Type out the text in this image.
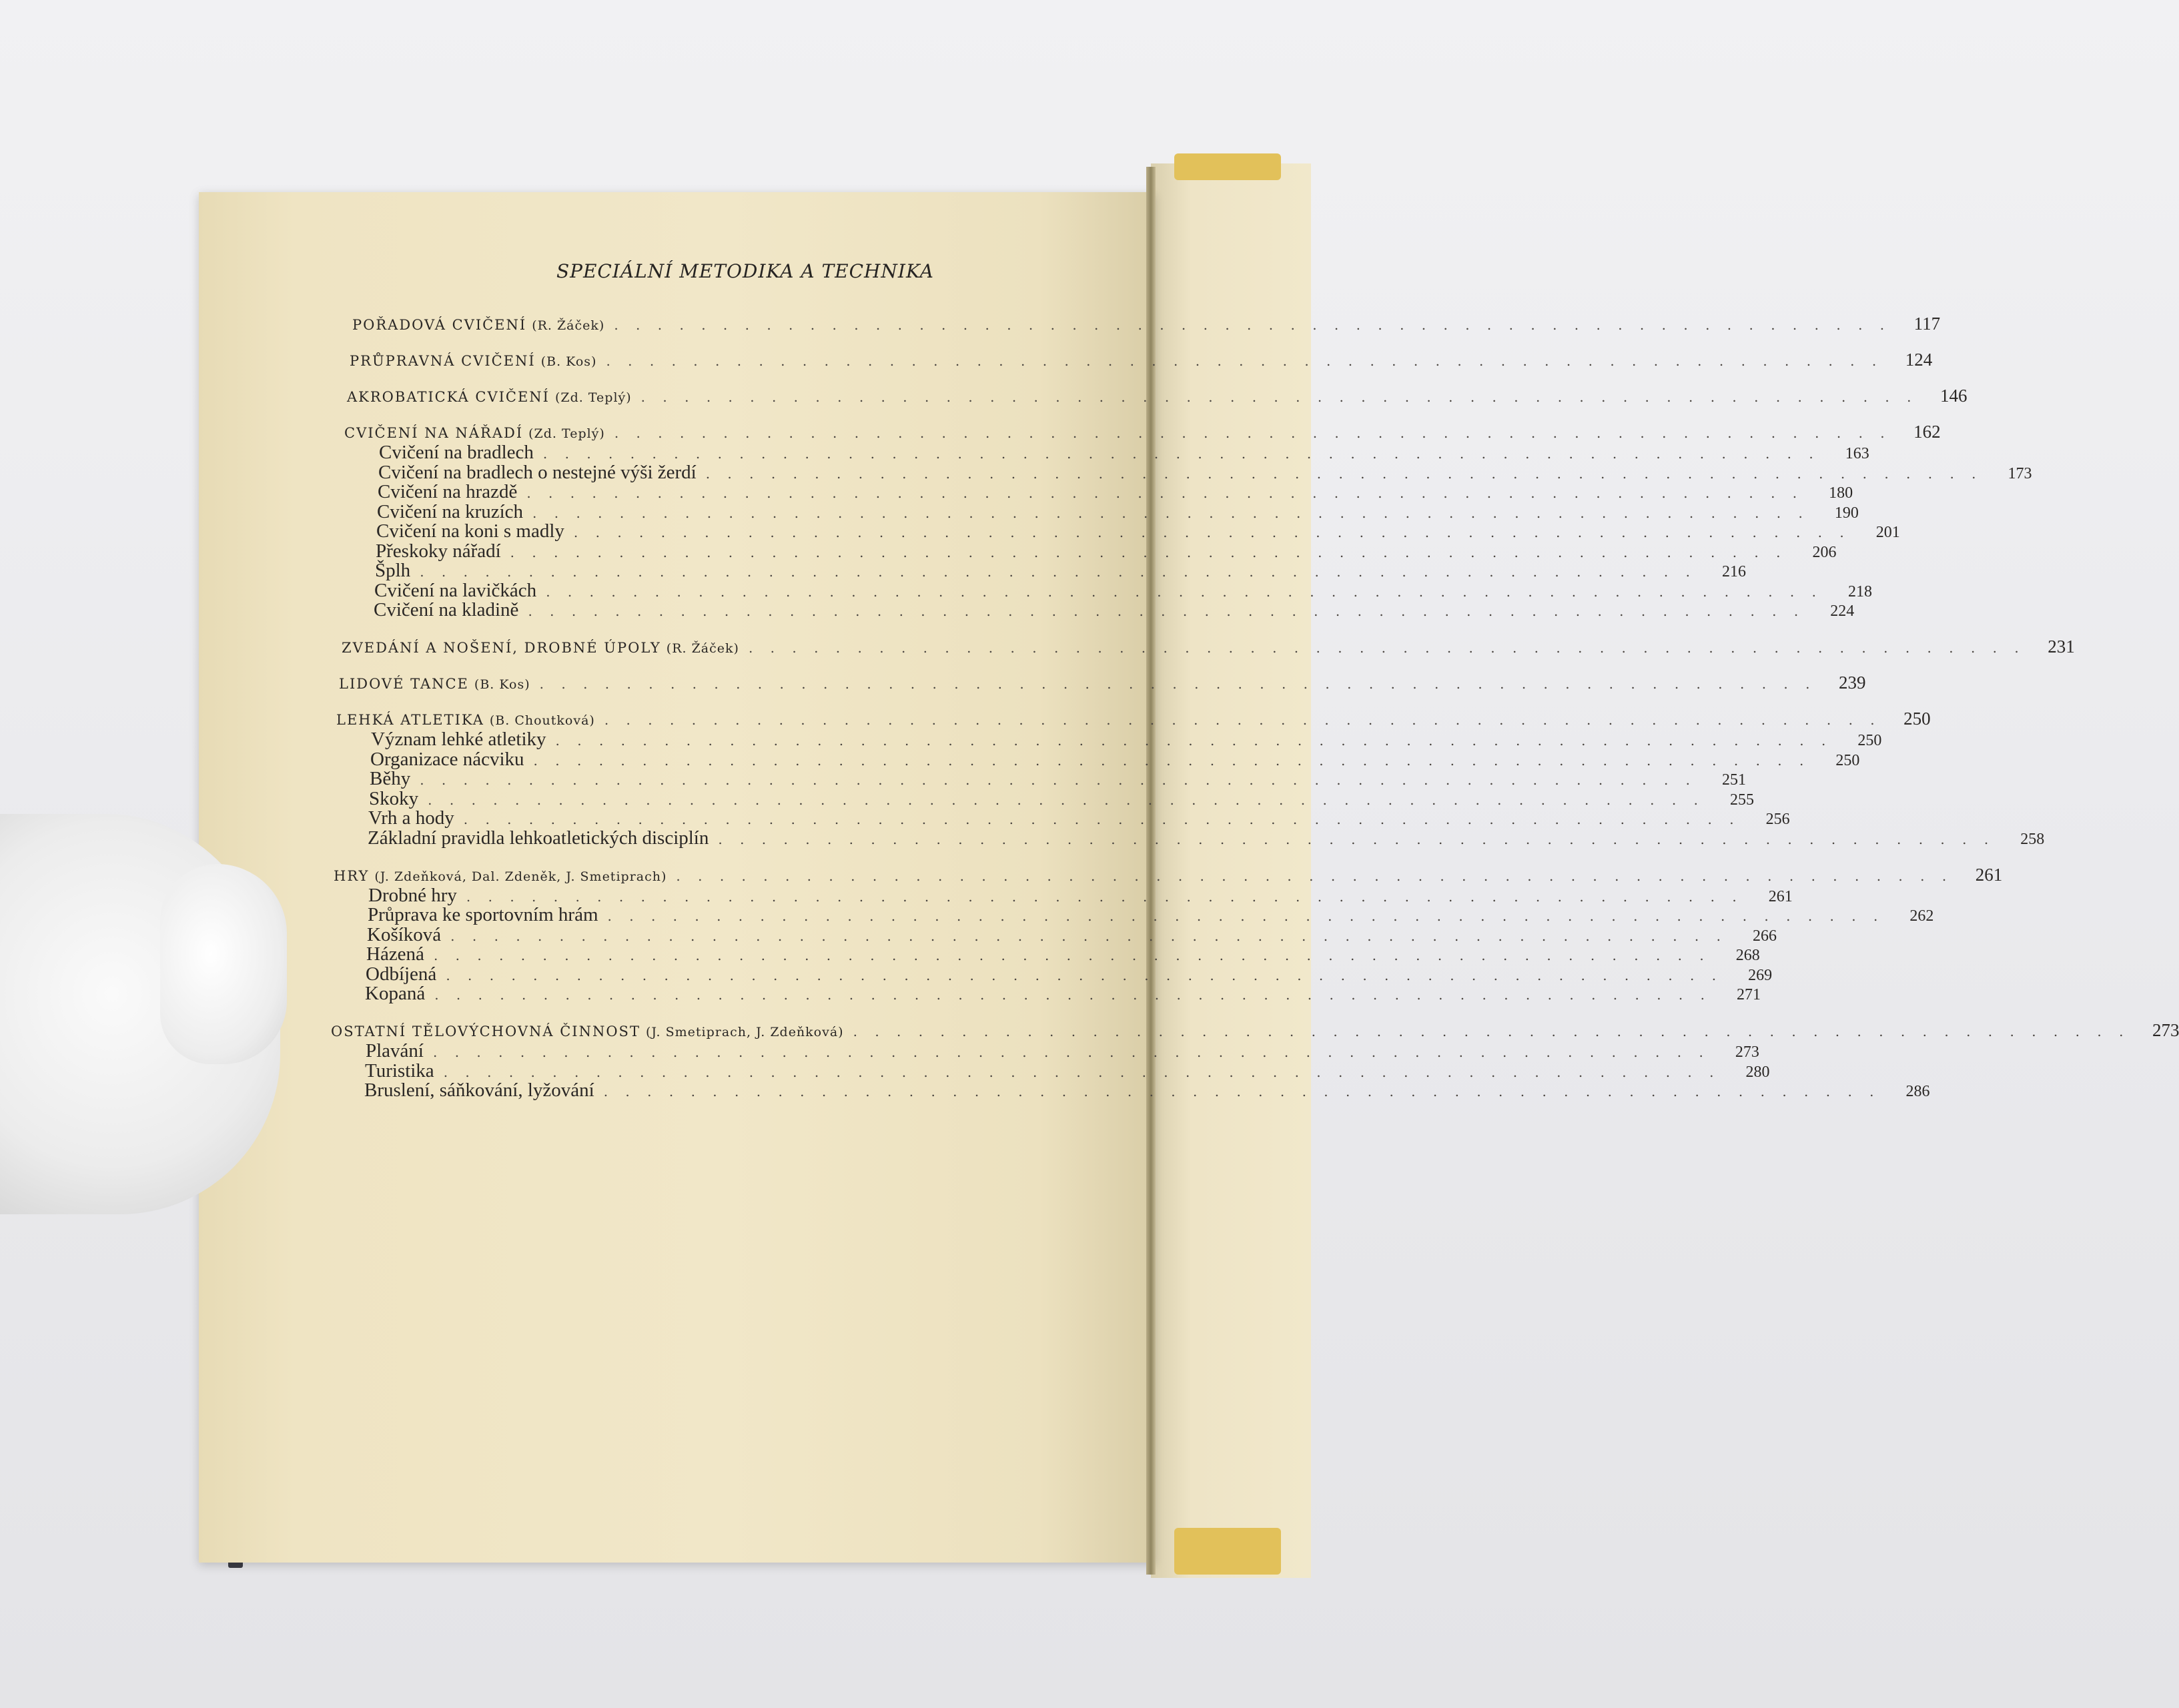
SPECIÁLNÍ METODIKA A TECHNIKA
POŘADOVÁ CVIČENÍ (R. Žáček) . . . . . . . . . . . . . . . . . . . . . . . . . . . . . . . . . . . . . . . . . . . . . . . . . . . . . . . . . . .	117
PRŮPRAVNÁ CVIČENÍ (B. Kos) . . . . . . . . . . . . . . . . . . . . . . . . . . . . . . . . . . . . . . . . . . . . . . . . . . . . . . . . . . .	124
AKROBATICKÁ CVIČENÍ (Zd. Teplý) . . . . . . . . . . . . . . . . . . . . . . . . . . . . . . . . . . . . . . . . . . . . . . . . . . . . . . . . . . .	146
CVIČENÍ NA NÁŘADÍ (Zd. Teplý) . . . . . . . . . . . . . . . . . . . . . . . . . . . . . . . . . . . . . . . . . . . . . . . . . . . . . . . . . . .	162
Cvičení na bradlech . . . . . . . . . . . . . . . . . . . . . . . . . . . . . . . . . . . . . . . . . . . . . . . . . . . . . . . . . . .	163
Cvičení na bradlech o nestejné výši žerdí . . . . . . . . . . . . . . . . . . . . . . . . . . . . . . . . . . . . . . . . . . . . . . . . . . . . . . . . . . .	173
Cvičení na hrazdě . . . . . . . . . . . . . . . . . . . . . . . . . . . . . . . . . . . . . . . . . . . . . . . . . . . . . . . . . . .	180
Cvičení na kruzích . . . . . . . . . . . . . . . . . . . . . . . . . . . . . . . . . . . . . . . . . . . . . . . . . . . . . . . . . . .	190
Cvičení na koni s madly . . . . . . . . . . . . . . . . . . . . . . . . . . . . . . . . . . . . . . . . . . . . . . . . . . . . . . . . . . .	201
Přeskoky nářadí . . . . . . . . . . . . . . . . . . . . . . . . . . . . . . . . . . . . . . . . . . . . . . . . . . . . . . . . . . .	206
Šplh . . . . . . . . . . . . . . . . . . . . . . . . . . . . . . . . . . . . . . . . . . . . . . . . . . . . . . . . . . .	216
Cvičení na lavičkách . . . . . . . . . . . . . . . . . . . . . . . . . . . . . . . . . . . . . . . . . . . . . . . . . . . . . . . . . . .	218
Cvičení na kladině . . . . . . . . . . . . . . . . . . . . . . . . . . . . . . . . . . . . . . . . . . . . . . . . . . . . . . . . . . .	224
ZVEDÁNÍ A NOŠENÍ, DROBNÉ ÚPOLY (R. Žáček) . . . . . . . . . . . . . . . . . . . . . . . . . . . . . . . . . . . . . . . . . . . . . . . . . . . . . . . . . . .	231
LIDOVÉ TANCE (B. Kos) . . . . . . . . . . . . . . . . . . . . . . . . . . . . . . . . . . . . . . . . . . . . . . . . . . . . . . . . . . .	239
LEHKÁ ATLETIKA (B. Choutková) . . . . . . . . . . . . . . . . . . . . . . . . . . . . . . . . . . . . . . . . . . . . . . . . . . . . . . . . . . .	250
Význam lehké atletiky . . . . . . . . . . . . . . . . . . . . . . . . . . . . . . . . . . . . . . . . . . . . . . . . . . . . . . . . . . .	250
Organizace nácviku . . . . . . . . . . . . . . . . . . . . . . . . . . . . . . . . . . . . . . . . . . . . . . . . . . . . . . . . . . .	250
Běhy . . . . . . . . . . . . . . . . . . . . . . . . . . . . . . . . . . . . . . . . . . . . . . . . . . . . . . . . . . .	251
Skoky . . . . . . . . . . . . . . . . . . . . . . . . . . . . . . . . . . . . . . . . . . . . . . . . . . . . . . . . . . .	255
Vrh a hody . . . . . . . . . . . . . . . . . . . . . . . . . . . . . . . . . . . . . . . . . . . . . . . . . . . . . . . . . . .	256
Základní pravidla lehkoatletických disciplín . . . . . . . . . . . . . . . . . . . . . . . . . . . . . . . . . . . . . . . . . . . . . . . . . . . . . . . . . . .	258
HRY (J. Zdeňková, Dal. Zdeněk, J. Smetiprach) . . . . . . . . . . . . . . . . . . . . . . . . . . . . . . . . . . . . . . . . . . . . . . . . . . . . . . . . . . .	261
Drobné hry . . . . . . . . . . . . . . . . . . . . . . . . . . . . . . . . . . . . . . . . . . . . . . . . . . . . . . . . . . .	261
Průprava ke sportovním hrám . . . . . . . . . . . . . . . . . . . . . . . . . . . . . . . . . . . . . . . . . . . . . . . . . . . . . . . . . . .	262
Košíková . . . . . . . . . . . . . . . . . . . . . . . . . . . . . . . . . . . . . . . . . . . . . . . . . . . . . . . . . . .	266
Házená . . . . . . . . . . . . . . . . . . . . . . . . . . . . . . . . . . . . . . . . . . . . . . . . . . . . . . . . . . .	268
Odbíjená . . . . . . . . . . . . . . . . . . . . . . . . . . . . . . . . . . . . . . . . . . . . . . . . . . . . . . . . . . .	269
Kopaná . . . . . . . . . . . . . . . . . . . . . . . . . . . . . . . . . . . . . . . . . . . . . . . . . . . . . . . . . . .	271
OSTATNÍ TĚLOVÝCHOVNÁ ČINNOST (J. Smetiprach, J. Zdeňková) . . . . . . . . . . . . . . . . . . . . . . . . . . . . . . . . . . . . . . . . . . . . . . . . . . . . . . . . . . .	273
Plavání . . . . . . . . . . . . . . . . . . . . . . . . . . . . . . . . . . . . . . . . . . . . . . . . . . . . . . . . . . .	273
Turistika . . . . . . . . . . . . . . . . . . . . . . . . . . . . . . . . . . . . . . . . . . . . . . . . . . . . . . . . . . .	280
Bruslení, sáňkování, lyžování . . . . . . . . . . . . . . . . . . . . . . . . . . . . . . . . . . . . . . . . . . . . . . . . . . . . . . . . . . .	286
